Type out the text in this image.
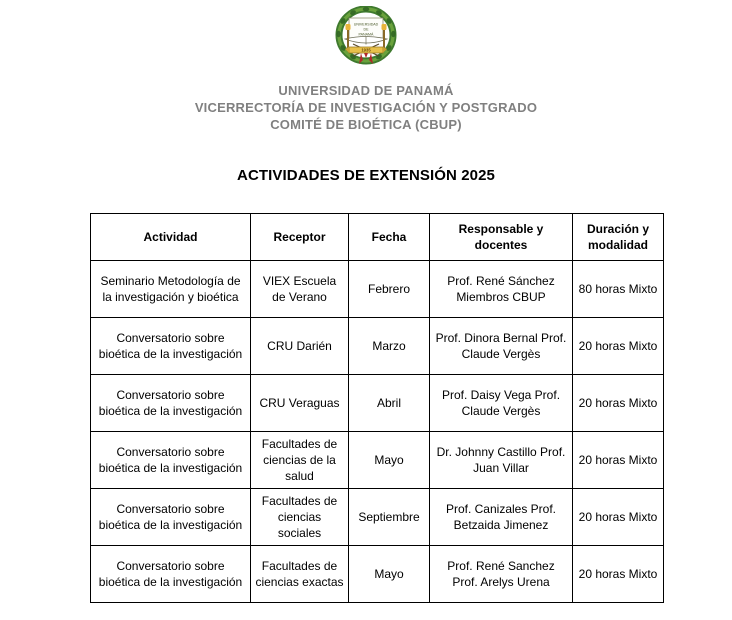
UNIVERSIDAD
DE
PANAMÁ
1935
UNIVERSIDAD DE PANAMÁ
VICERRECTORÍA DE INVESTIGACIÓN Y POSTGRADO
COMITÉ DE BIOÉTICA (CBUP)
ACTIVIDADES DE EXTENSIÓN 2025
Actividad	Receptor	Fecha	Responsable y docentes	Duración y modalidad
Seminario Metodología de la investigación y bioética	VIEX Escuela de Verano	Febrero	Prof. René Sánchez Miembros CBUP	80 horas Mixto
Conversatorio sobre bioética de la investigación	CRU Darién	Marzo	Prof. Dinora Bernal Prof. Claude Vergès	20 horas Mixto
Conversatorio sobre bioética de la investigación	CRU Veraguas	Abril	Prof. Daisy Vega Prof. Claude Vergès	20 horas Mixto
Conversatorio sobre bioética de la investigación	Facultades de ciencias de la salud	Mayo	Dr. Johnny Castillo Prof. Juan Villar	20 horas Mixto
Conversatorio sobre bioética de la investigación	Facultades de ciencias sociales	Septiembre	Prof. Canizales Prof. Betzaida Jimenez	20 horas Mixto
Conversatorio sobre bioética de la investigación	Facultades de ciencias exactas	Mayo	Prof. René Sanchez Prof. Arelys Urena	20 horas Mixto
